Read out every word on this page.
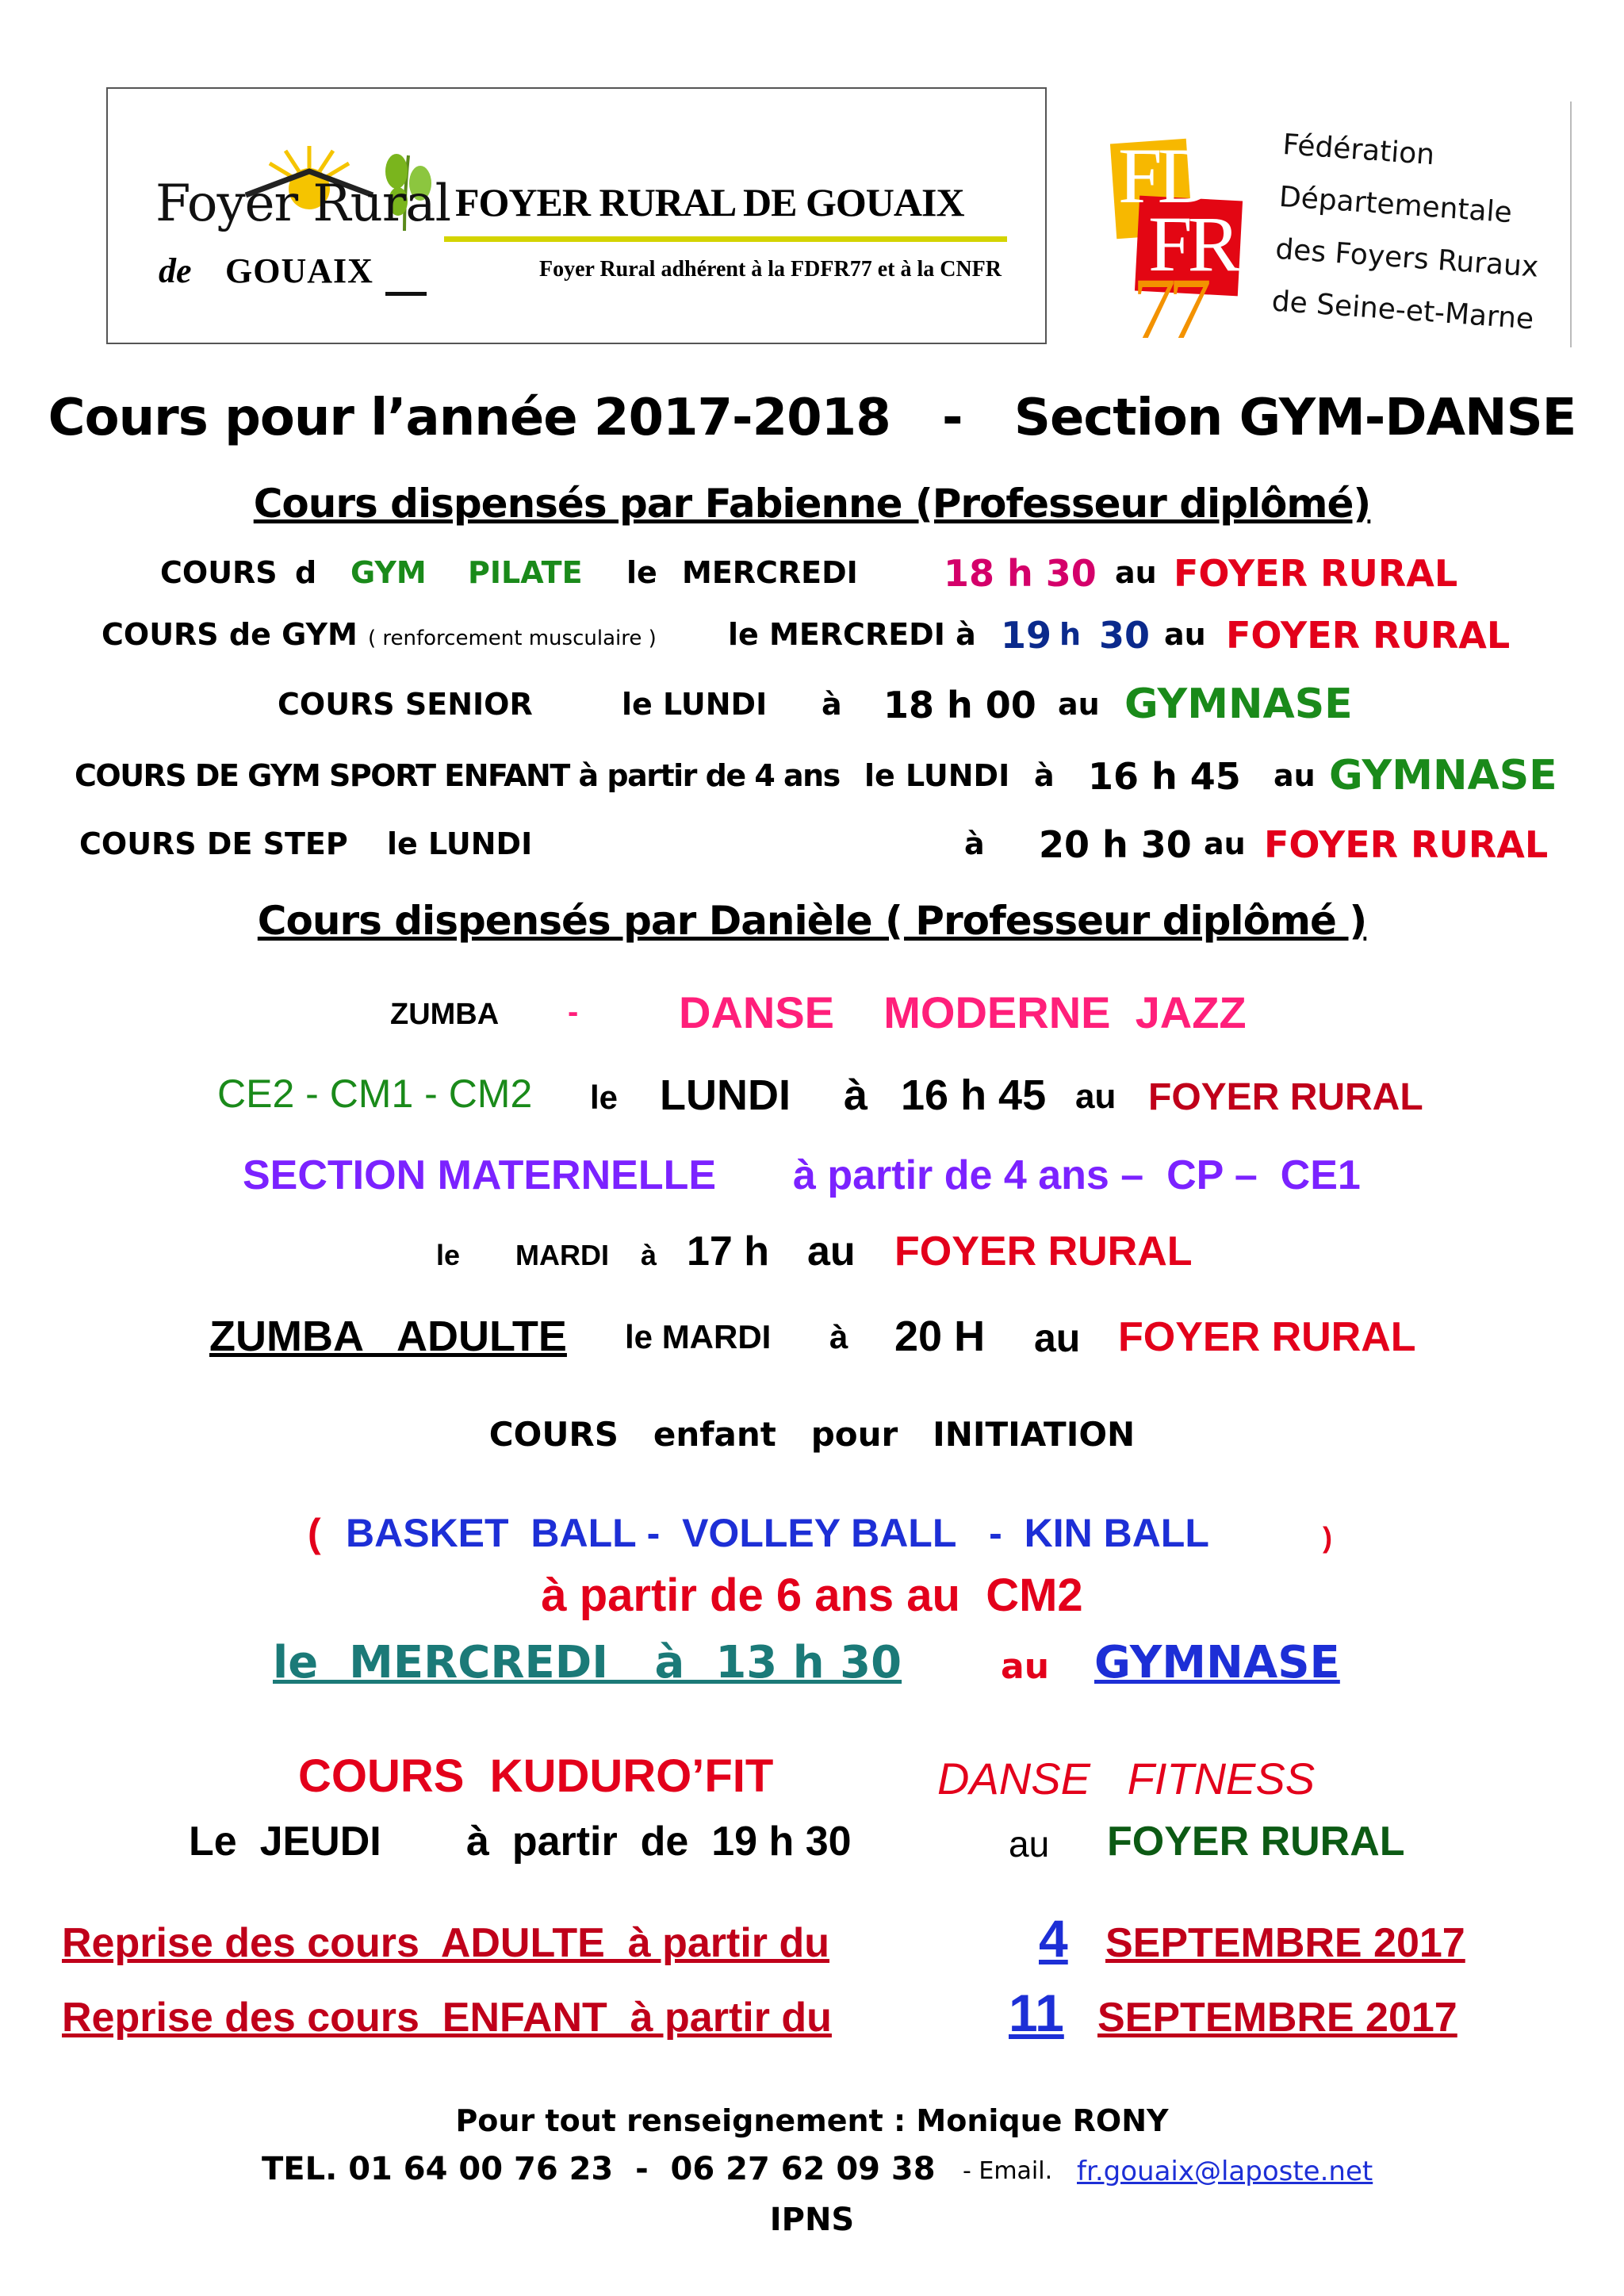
Foyer Rural
de GOUAIX
FOYER RURAL DE GOUAIX
Foyer Rural adhérent à la FDFR77 et à la CNFR
FD
FR
77
Fédération
Départementale
des Foyers Ruraux
de Seine-et-Marne
Cours pour l’année 2017-2018 - Section GYM-DANSE
Cours dispensés par Fabienne (Professeur diplômé)
COURS d GYM PILATE le MERCREDI 18 h 30 au FOYER RURAL
COURS de GYM ( renforcement musculaire ) le MERCREDI à 19 h 30 au FOYER RURAL
COURS SENIOR	le LUNDI à 18 h 00 au GYMNASE
COURS DE GYM SPORT ENFANT à partir de 4 ans le LUNDI à 16 h 45 au GYMNASE
COURS DE STEP le LUNDI	à 20 h 30 au FOYER RURAL
Cours dispensés par Danièle ( Professeur diplômé )
ZUMBA - DANSE    MODERNE  JAZZ
CE2 - CM1 - CM2 le LUNDI à 16 h 45 au FOYER RURAL
SECTION MATERNELLE à partir de 4 ans –  CP –  CE1
le MARDI à 17 h au FOYER RURAL
ZUMBA   ADULTE le MARDI à 20 H au FOYER RURAL
COURS   enfant   pour   INITIATION
( BASKET  BALL -  VOLLEY BALL   -  KIN BALL	)
à partir de 6 ans au  CM2
le  MERCREDI   à  13 h 30	au GYMNASE
COURS  KUDURO’FIT	DANSE   FITNESS
Le  JEUDI à  partir  de  19 h 30	au FOYER RURAL
Reprise des cours  ADULTE  à partir du	4 SEPTEMBRE 2017
Reprise des cours  ENFANT  à partir du	11 SEPTEMBRE 2017
Pour tout renseignement : Monique RONY
TEL. 01 64 00 76 23  -  06 27 62 09 38 - Email. fr.gouaix@laposte.net
IPNS
